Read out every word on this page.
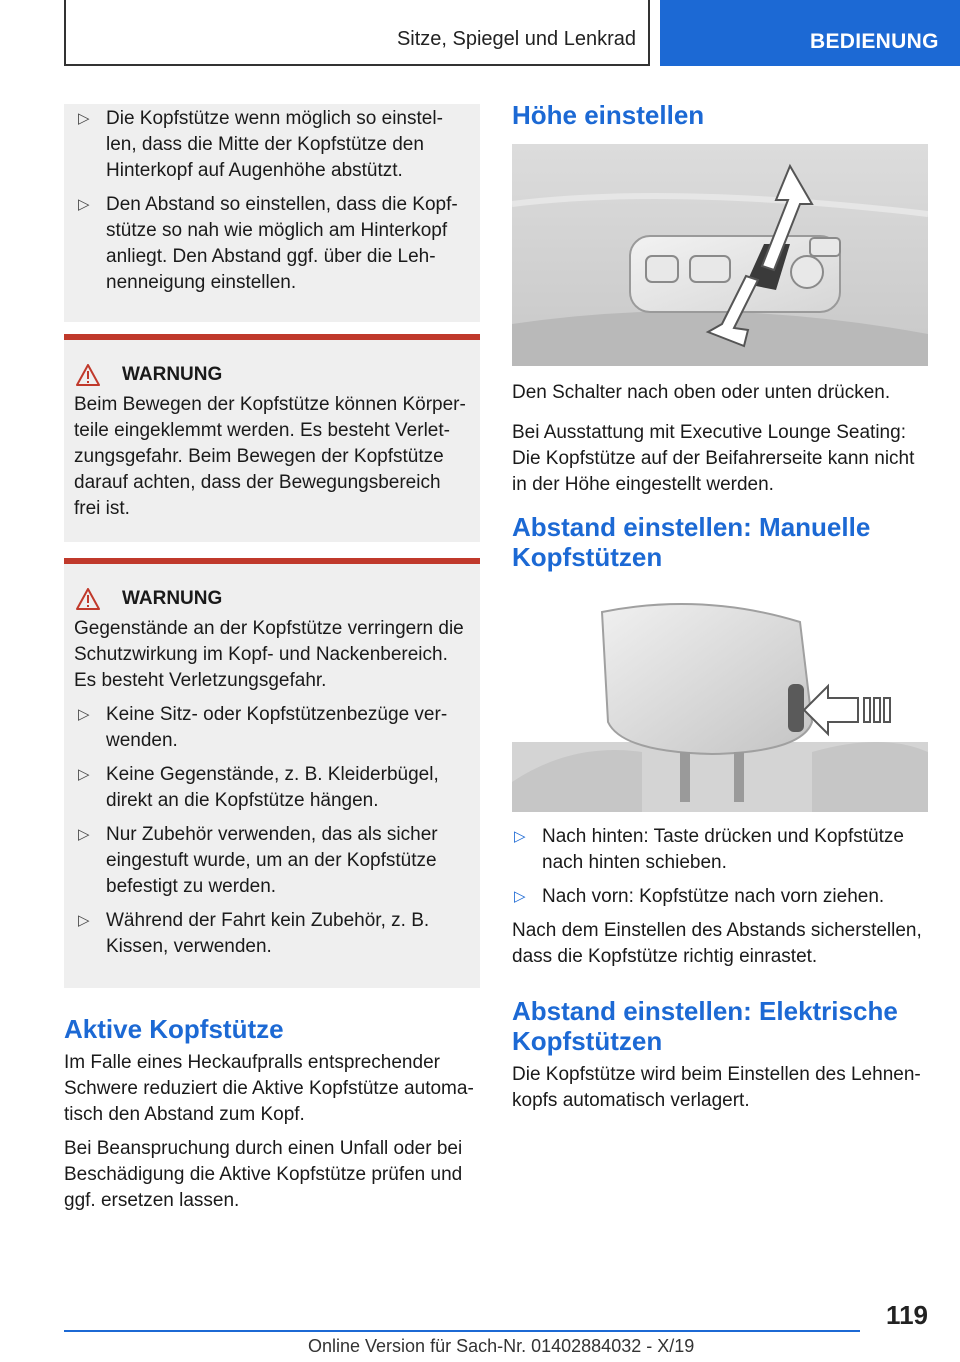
Sitze, Spiegel und Lenkrad	BEDIENUNG
▷ Die Kopfstütze wenn möglich so einstellen, dass die Mitte der Kopfstütze den Hinterkopf auf Augenhöhe abstützt.
▷ Den Abstand so einstellen, dass die Kopfstütze so nah wie möglich am Hinterkopf anliegt. Den Abstand ggf. über die Lehnenneigung einstellen.
WARNUNG

Beim Bewegen der Kopfstütze können Körperteile eingeklemmt werden. Es besteht Verletzungsgefahr. Beim Bewegen der Kopfstütze darauf achten, dass der Bewegungsbereich frei ist.

WARNUNG

Gegenstände an der Kopfstütze verringern die Schutzwirkung im Kopf- und Nackenbereich. Es besteht Verletzungsgefahr.

▷ Keine Sitz- oder Kopfstützenbezüge verwenden.
▷ Keine Gegenstände, z. B. Kleiderbügel, direkt an die Kopfstütze hängen.
▷ Nur Zubehör verwenden, das als sicher eingestuft wurde, um an der Kopfstütze befestigt zu werden.
▷ Während der Fahrt kein Zubehör, z. B. Kissen, verwenden.
Aktive Kopfstütze

Im Falle eines Heckaufpralls entsprechender Schwere reduziert die Aktive Kopfstütze automatisch den Abstand zum Kopf.

Bei Beanspruchung durch einen Unfall oder bei Beschädigung die Aktive Kopfstütze prüfen und ggf. ersetzen lassen.

Höhe einstellen

Den Schalter nach oben oder unten drücken.

Bei Ausstattung mit Executive Lounge Seating: Die Kopfstütze auf der Beifahrerseite kann nicht in der Höhe eingestellt werden.

Abstand einstellen: Manuelle Kopfstützen
▷ Nach hinten: Taste drücken und Kopfstütze nach hinten schieben.
▷ Nach vorn: Kopfstütze nach vorn ziehen.

Nach dem Einstellen des Abstands sicherstellen, dass die Kopfstütze richtig einrastet.

Abstand einstellen: Elektrische Kopfstützen

Die Kopfstütze wird beim Einstellen des Lehnenkopfs automatisch verlagert.

119
Online Version für Sach-Nr. 01402884032 - X/19
